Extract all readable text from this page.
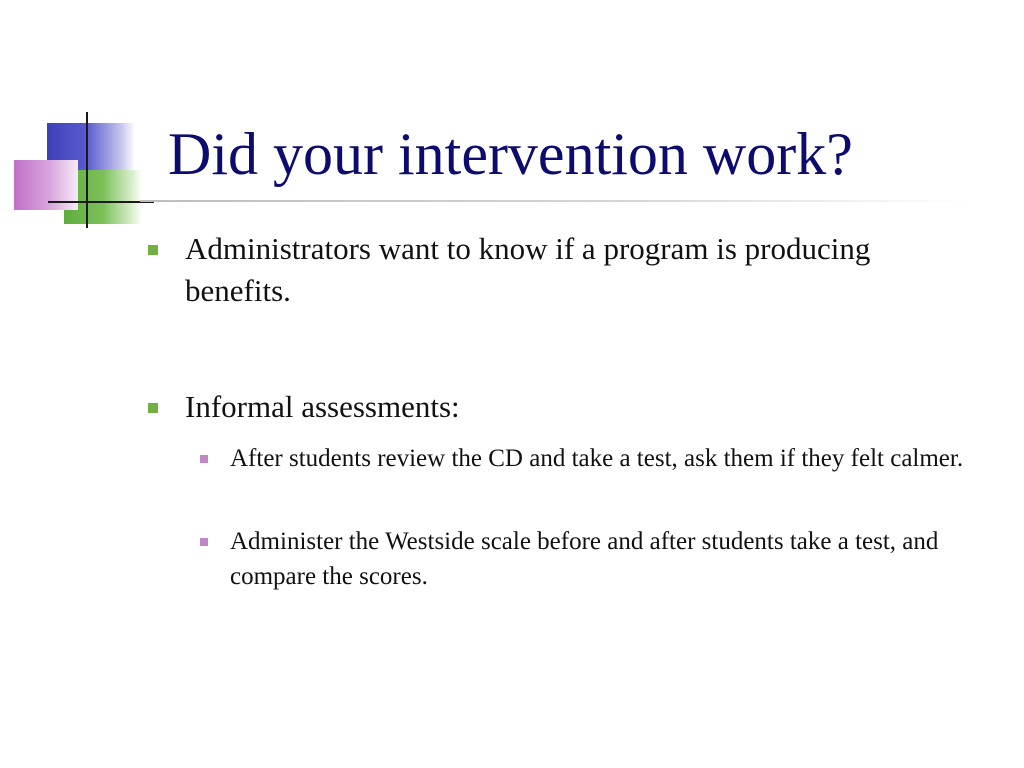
Did your intervention work?
Administrators want to know if a program is producing benefits.
Informal assessments:
After students review the CD and take a test, ask them if they felt calmer.
Administer the Westside scale before and after students take a test, and compare the scores.
